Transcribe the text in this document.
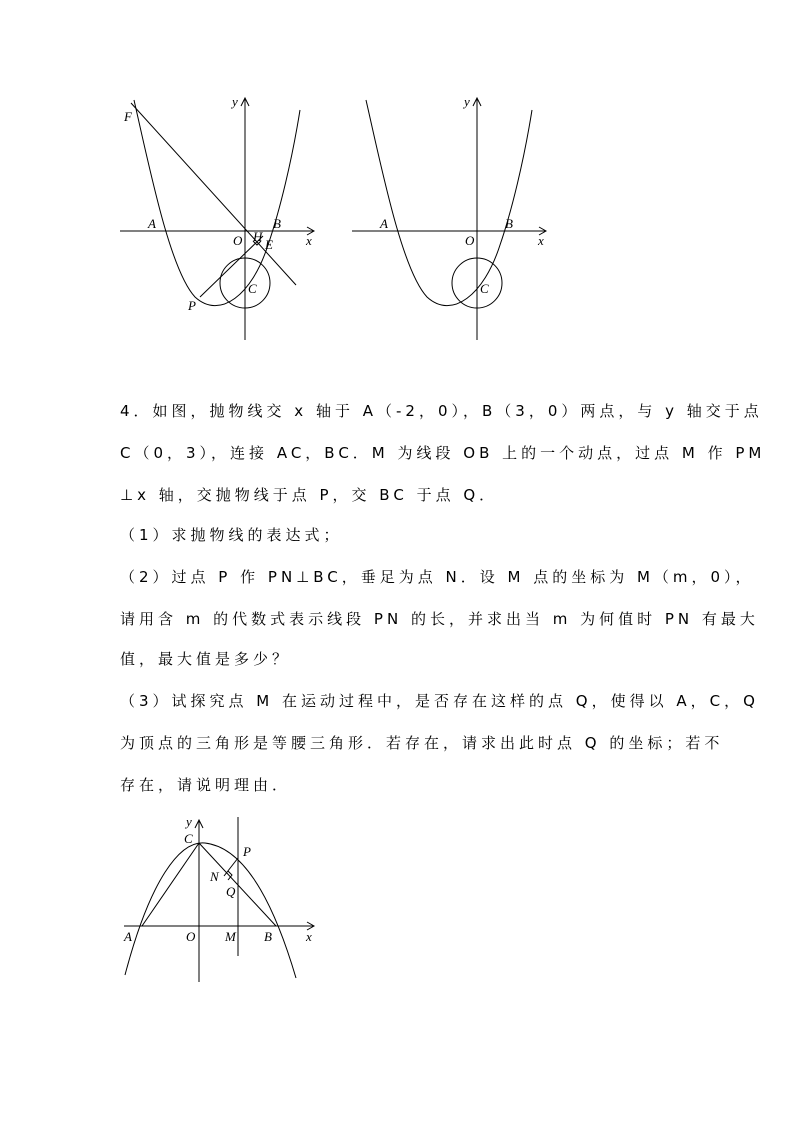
y
x
F
A	B
O H
E
C
P
y
x
A	B
O
C
4．如图，抛物线交 x 轴于 A（-2，0），B（3，0）两点，与 y 轴交于点
C（0，3），连接 AC，BC．M 为线段 OB 上的一个动点，过点 M 作 PM
⊥x 轴，交抛物线于点 P，交 BC 于点 Q．
（1）求抛物线的表达式；
（2）过点 P 作 PN⊥BC，垂足为点 N．设 M 点的坐标为 M（m，0），
请用含 m 的代数式表示线段 PN 的长，并求出当 m 为何值时 PN 有最大
值，最大值是多少？
（3）试探究点 M 在运动过程中，是否存在这样的点 Q，使得以 A，C，Q
为顶点的三角形是等腰三角形．若存在，请求出此时点 Q 的坐标；若不
存在，请说明理由．
y
C
P
N
Q
A	O M B	x
